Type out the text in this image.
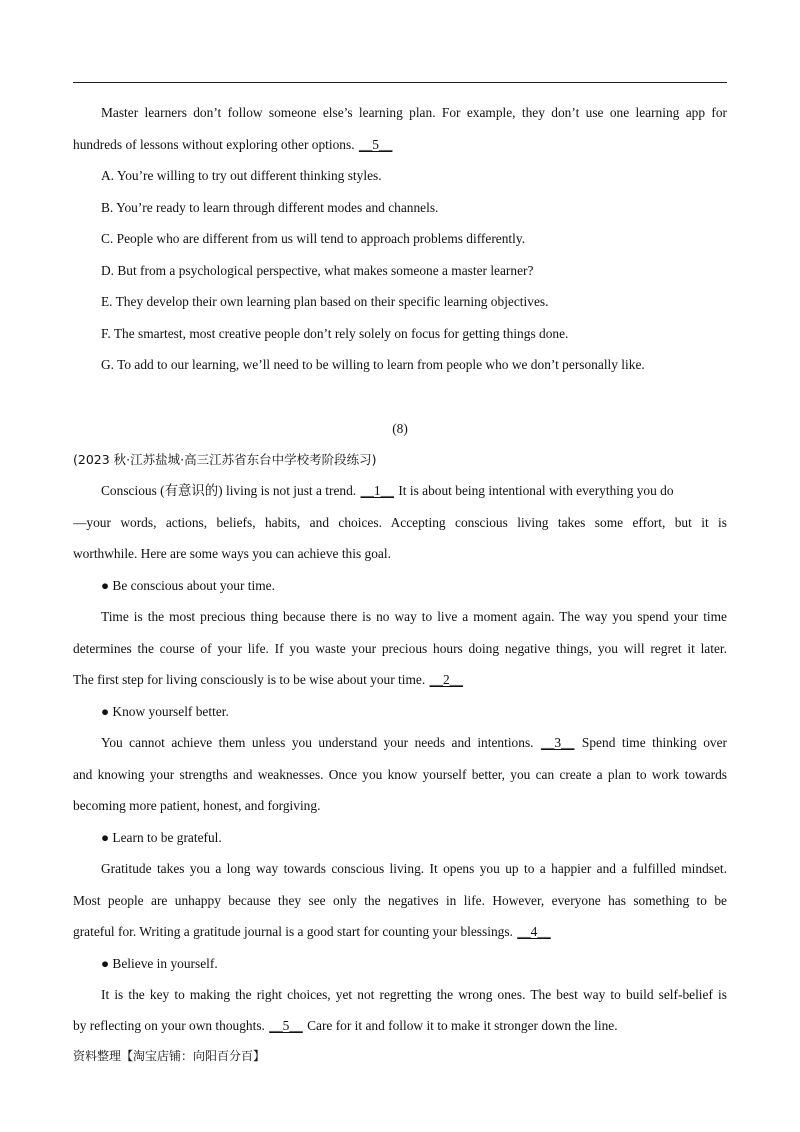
Master learners don’t follow someone else’s learning plan. For example, they don’t use one learning app for
hundreds of lessons without exploring other options. __5__
A. You’re willing to try out different thinking styles.
B. You’re ready to learn through different modes and channels.
C. People who are different from us will tend to approach problems differently.
D. But from a psychological perspective, what makes someone a master learner?
E. They develop their own learning plan based on their specific learning objectives.
F. The smartest, most creative people don’t rely solely on focus for getting things done.
G. To add to our learning, we’ll need to be willing to learn from people who we don’t personally like.
(8)
(2023 秋·江苏盐城·高三江苏省东台中学校考阶段练习)
Conscious (有意识的) living is not just a trend. __1__ It is about being intentional with everything you do
—your words, actions, beliefs, habits, and choices. Accepting conscious living takes some effort, but it is
worthwhile. Here are some ways you can achieve this goal.
● Be conscious about your time.
Time is the most precious thing because there is no way to live a moment again. The way you spend your time
determines the course of your life. If you waste your precious hours doing negative things, you will regret it later.
The first step for living consciously is to be wise about your time. __2__
● Know yourself better.
You cannot achieve them unless you understand your needs and intentions. __3__ Spend time thinking over
and knowing your strengths and weaknesses. Once you know yourself better, you can create a plan to work towards
becoming more patient, honest, and forgiving.
● Learn to be grateful.
Gratitude takes you a long way towards conscious living. It opens you up to a happier and a fulfilled mindset.
Most people are unhappy because they see only the negatives in life. However, everyone has something to be
grateful for. Writing a gratitude journal is a good start for counting your blessings. __4__
● Believe in yourself.
It is the key to making the right choices, yet not regretting the wrong ones. The best way to build self-belief is
by reflecting on your own thoughts. __5__ Care for it and follow it to make it stronger down the line.
资料整理【淘宝店铺：向阳百分百】
